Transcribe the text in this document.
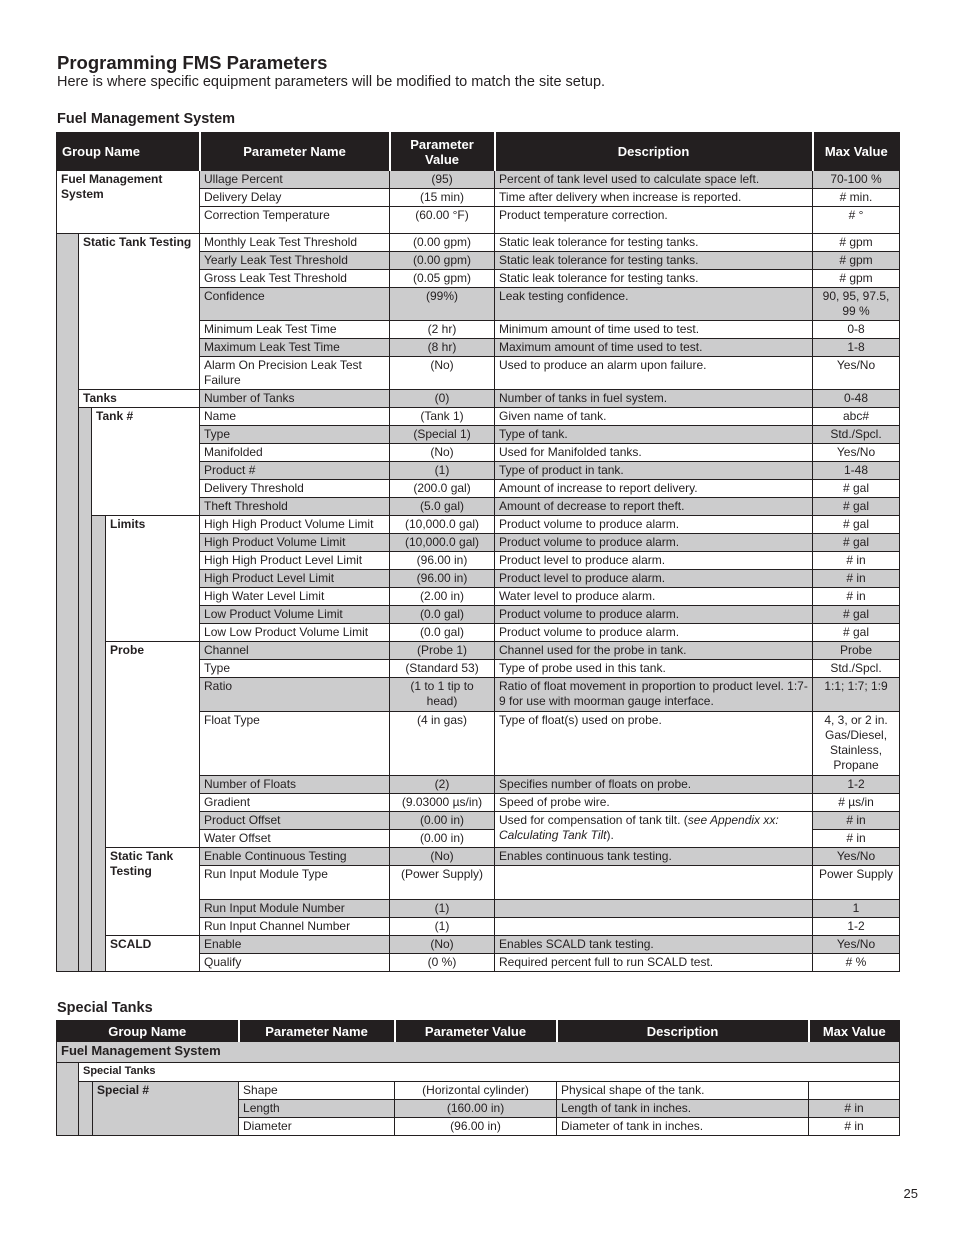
Programming FMS Parameters

Here is where specific equipment parameters will be modified to match the site setup.

Fuel Management System
Group Name				Parameter Name	Parameter Value	Description	Max Value
Fuel Management System				Ullage Percent	(95)	Percent of tank level used to calculate space left.	70-100 %
				Delivery Delay	(15 min)	Time after delivery when increase is reported.	# min.
				Correction Temperature	(60.00 °F)	Product temperature correction.	# °
	Static Tank Testing			Monthly Leak Test Threshold	(0.00 gpm)	Static leak tolerance for testing tanks.	# gpm
				Yearly Leak Test Threshold	(0.00 gpm)	Static leak tolerance for testing tanks.	# gpm
				Gross Leak Test Threshold	(0.05 gpm)	Static leak tolerance for testing tanks.	# gpm
				Confidence	(99%)	Leak testing confidence.	90, 95, 97.5, 99 %
				Minimum Leak Test Time	(2 hr)	Minimum amount of time used to test.	0-8
				Maximum Leak Test Time	(8 hr)	Maximum amount of time used to test.	1-8
				Alarm On Precision Leak Test Failure	(No)	Used to produce an alarm upon failure.	Yes/No
	Tanks			Number of Tanks	(0)	Number of tanks in fuel system.	0-48
		Tank #		Name	(Tank 1)	Given name of tank.	abc#
				Type	(Special 1)	Type of tank.	Std./Spcl.
				Manifolded	(No)	Used for Manifolded tanks.	Yes/No
				Product #	(1)	Type of product in tank.	1-48
				Delivery Threshold	(200.0 gal)	Amount of increase to report delivery.	# gal
				Theft Threshold	(5.0 gal)	Amount of decrease to report theft.	# gal
			Limits	High High Product Volume Limit	(10,000.0 gal)	Product volume to produce alarm.	# gal
				High Product Volume Limit	(10,000.0 gal)	Product volume to produce alarm.	# gal
				High High Product Level Limit	(96.00 in)	Product level to produce alarm.	# in
				High Product Level Limit	(96.00 in)	Product level to produce alarm.	# in
				High Water Level Limit	(2.00 in)	Water level to produce alarm.	# in
				Low Product Volume Limit	(0.0 gal)	Product volume to produce alarm.	# gal
				Low Low Product Volume Limit	(0.0 gal)	Product volume to produce alarm.	# gal
			Probe	Channel	(Probe 1)	Channel used for the probe in tank.	Probe
				Type	(Standard 53)	Type of probe used in this tank.	Std./Spcl.
				Ratio	(1 to 1 tip to head)	Ratio of float movement in proportion to product level. 1:7-9 for use with moorman gauge interface.	1:1; 1:7; 1:9
				Float Type	(4 in gas)	Type of float(s) used on probe.	4, 3, or 2 in. Gas/Diesel, Stainless, Propane
				Number of Floats	(2)	Specifies number of floats on probe.	1-2
				Gradient	(9.03000 µs/in)	Speed of probe wire.	# µs/in
				Product Offset	(0.00 in)	Used for compensation of tank tilt. (see Appendix xx: Calculating Tank Tilt).	# in
				Water Offset	(0.00 in)		# in
			Static Tank Testing	Enable Continuous Testing	(No)	Enables continuous tank testing.	Yes/No
				Run Input Module Type	(Power Supply)		Power Supply
				Run Input Module Number	(1)		1
				Run Input Channel Number	(1)		1-2
			SCALD	Enable	(No)	Enables SCALD tank testing.	Yes/No
				Qualify	(0 %)	Required percent full to run SCALD test.	# %
Special Tanks
Group Name			Parameter Name	Parameter Value	Description	Max Value
Fuel Management System						
	Special Tanks					
		Special #	Shape	(Horizontal cylinder)	Physical shape of the tank.	
			Length	(160.00 in)	Length of tank in inches.	# in
			Diameter	(96.00 in)	Diameter of tank in inches.	# in
25
